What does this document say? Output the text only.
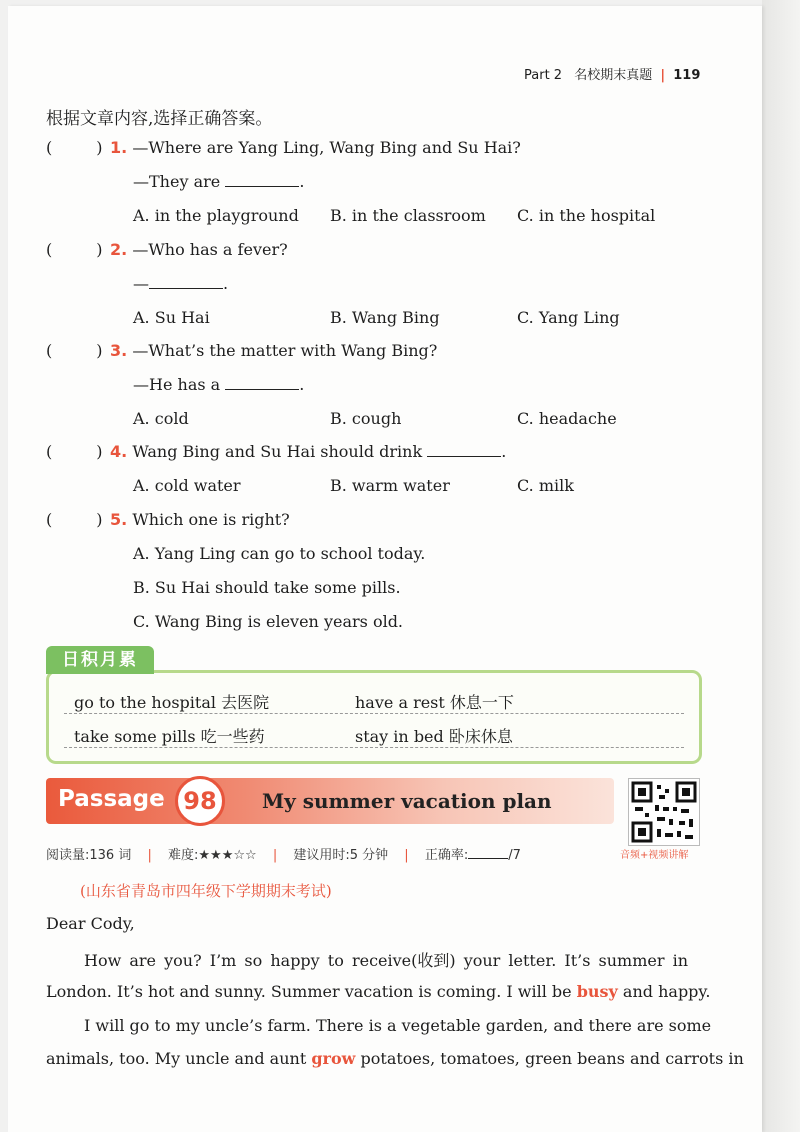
Part 2 名校期末真题 | 119
根据文章内容,选择正确答案。
(	) 1. —Where are Yang Ling, Wang Bing and Su Hai?
—They are	.
A. in the playground B. in the classroom C. in the hospital
(	) 2. —Who has a fever?
—	.
A. Su Hai	B. Wang Bing	C. Yang Ling
(	) 3. —What’s the matter with Wang Bing?
—He has a	.
A. cold	B. cough	C. headache
(	) 4. Wang Bing and Su Hai should drink	.
A. cold water	B. warm water	C. milk
(	) 5. Which one is right?
A. Yang Ling can go to school today.
B. Su Hai should take some pills.
C. Wang Bing is eleven years old.
日积月累
go to the hospital 去医院	have a rest 休息一下
take some pills 吃一些药	stay in bed 卧床休息
Passage 98	My summer vacation plan
音频+视频讲解
阅读量:136 词 | 难度:★★★☆☆ | 建议用时:5 分钟 | 正确率:	/7
(山东省青岛市四年级下学期期末考试)
Dear Cody,
How are you? I’m so happy to receive(收到) your letter. It’s summer in
London. It’s hot and sunny. Summer vacation is coming. I will be busy and happy.
I will go to my uncle’s farm. There is a vegetable garden, and there are some
animals, too. My uncle and aunt grow potatoes, tomatoes, green beans and carrots in
